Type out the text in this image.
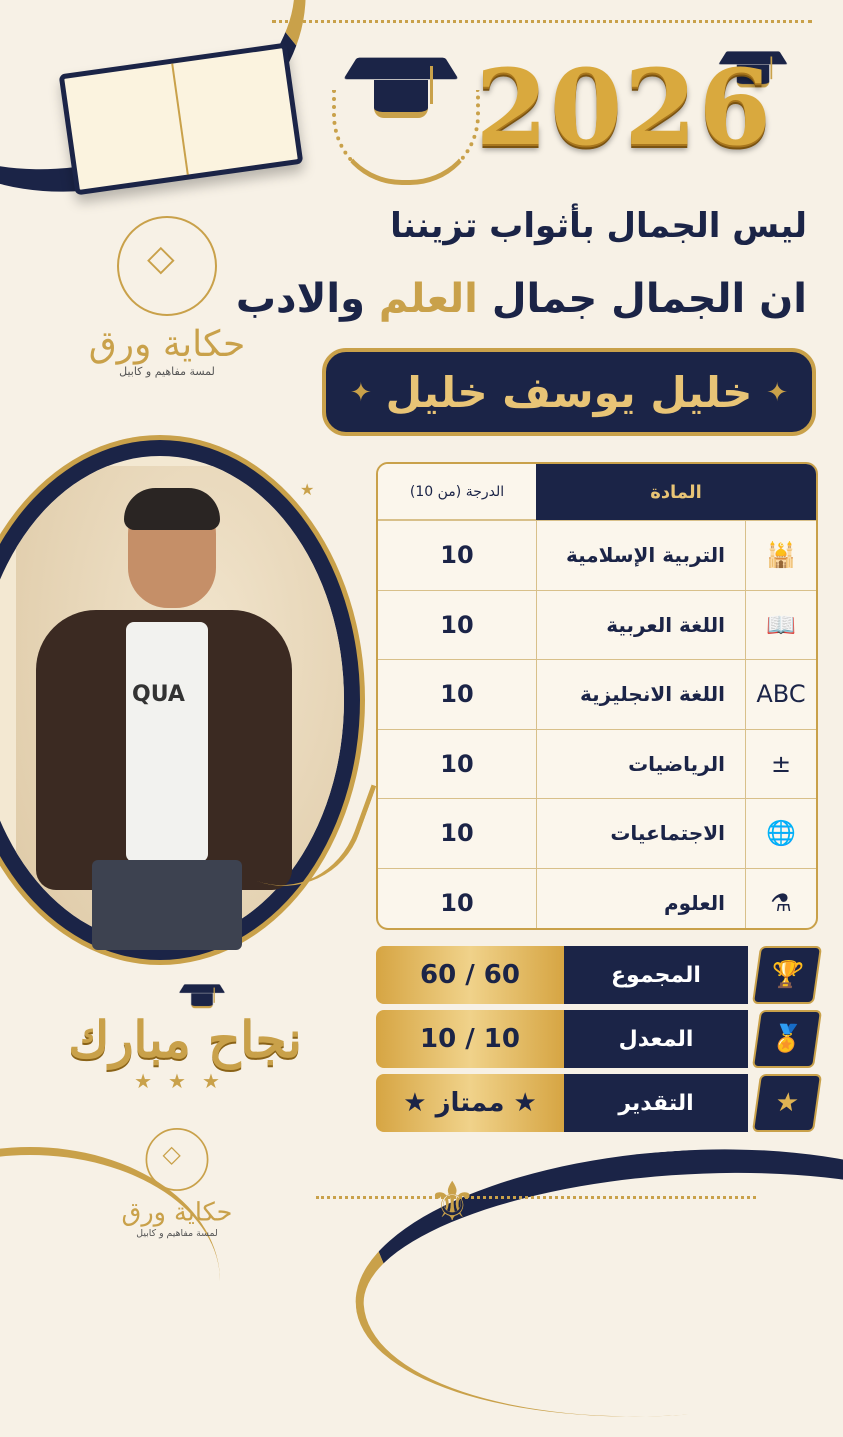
2026
ليس الجمال بأثواب تزيننا
ان الجمال جمال العلم والادب
◇
حكاية ورق
لمسة مفاهيم و كابيل
✦ خليل يوسف خليل ✦
الدرجة (من 10)	المادة
10	التربية الإسلامية	🕌
10	اللغة العربية	📖
10	اللغة الانجليزية	ABC
10	الرياضيات	±
10	الاجتماعيات	🌐
10	العلوم	⚗
60 / 60	المجموع	🏆
10 / 10	المعدل	🏅
★ ممتاز ★	التقدير	★
QUA
★
نجاح مبارك
★★★
◇
حكاية ورق
لمسة مفاهيم و كابيل	⚜
